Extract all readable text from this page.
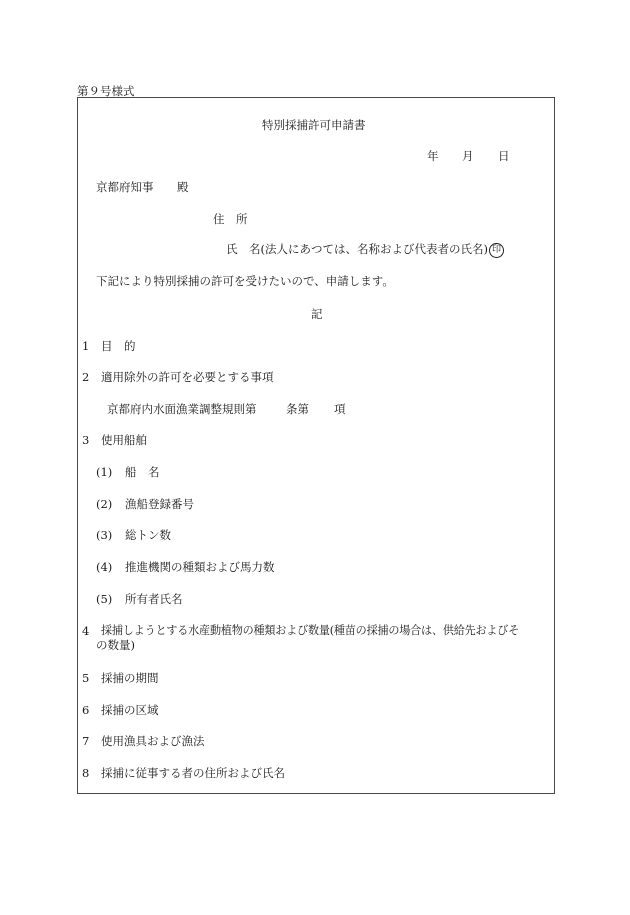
第９号様式
特別採捕許可申請書
年 月 日
京都府知事 殿
住　所
氏　名(法人にあつては、名称および代表者の氏名) 印
下記により特別採捕の許可を受けたいので、申請します。
記
1 目　的
2 適用除外の許可を必要とする事項
京都府内水面漁業調整規則第	条第 項
3 使用船舶
(1) 船　名
(2) 漁船登録番号
(3) 総トン数
(4) 推進機関の種類および馬力数
(5) 所有者氏名
4 採捕しようとする水産動植物の種類および数量(種苗の採捕の場合は、供給先およびそ
の数量)
5 採捕の期間
6 採捕の区域
7 使用漁具および漁法
8 採捕に従事する者の住所および氏名
